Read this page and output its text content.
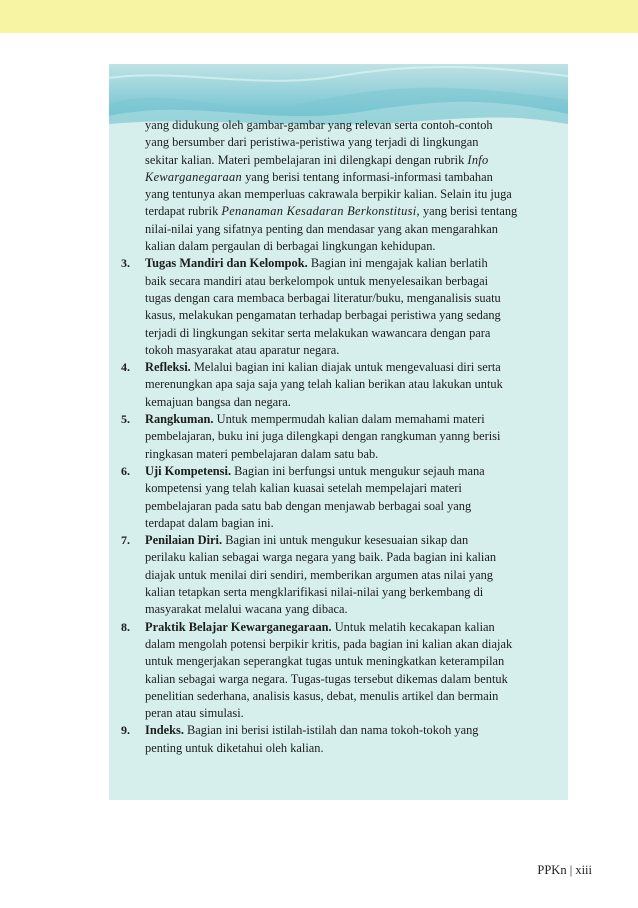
yang didukung oleh gambar-gambar yang relevan serta contoh-contoh
yang bersumber dari peristiwa-peristiwa yang terjadi di lingkungan
sekitar kalian. Materi pembelajaran ini dilengkapi dengan rubrik Info
Kewarganegaraan yang berisi tentang informasi-informasi tambahan
yang tentunya akan memperluas cakrawala berpikir kalian. Selain itu juga
terdapat rubrik Penanaman Kesadaran Berkonstitusi, yang berisi tentang
nilai-nilai yang sifatnya penting dan mendasar yang akan mengarahkan
kalian dalam pergaulan di berbagai lingkungan kehidupan.
3. Tugas Mandiri dan Kelompok. Bagian ini mengajak kalian berlatih
baik secara mandiri atau berkelompok untuk menyelesaikan berbagai
tugas dengan cara membaca berbagai literatur/buku, menganalisis suatu
kasus, melakukan pengamatan terhadap berbagai peristiwa yang sedang
terjadi di lingkungan sekitar serta melakukan wawancara dengan para
tokoh masyarakat atau aparatur negara.
4. Refleksi. Melalui bagian ini kalian diajak untuk mengevaluasi diri serta
merenungkan apa saja saja yang telah kalian berikan atau lakukan untuk
kemajuan bangsa dan negara.
5. Rangkuman. Untuk mempermudah kalian dalam memahami materi
pembelajaran, buku ini juga dilengkapi dengan rangkuman yanng berisi
ringkasan materi pembelajaran dalam satu bab.
6. Uji Kompetensi. Bagian ini berfungsi untuk mengukur sejauh mana
kompetensi yang telah kalian kuasai setelah mempelajari materi
pembelajaran pada satu bab dengan menjawab berbagai soal yang
terdapat dalam bagian ini.
7. Penilaian Diri. Bagian ini untuk mengukur kesesuaian sikap dan
perilaku kalian sebagai warga negara yang baik. Pada bagian ini kalian
diajak untuk menilai diri sendiri, memberikan argumen atas nilai yang
kalian tetapkan serta mengklarifikasi nilai-nilai yang berkembang di
masyarakat melalui wacana yang dibaca.
8. Praktik Belajar Kewarganegaraan. Untuk melatih kecakapan kalian
dalam mengolah potensi berpikir kritis, pada bagian ini kalian akan diajak
untuk mengerjakan seperangkat tugas untuk meningkatkan keterampilan
kalian sebagai warga negara. Tugas-tugas tersebut dikemas dalam bentuk
penelitian sederhana, analisis kasus, debat, menulis artikel dan bermain
peran atau simulasi.
9. Indeks. Bagian ini berisi istilah-istilah dan nama tokoh-tokoh yang
penting untuk diketahui oleh kalian.
PPKn | xiii
